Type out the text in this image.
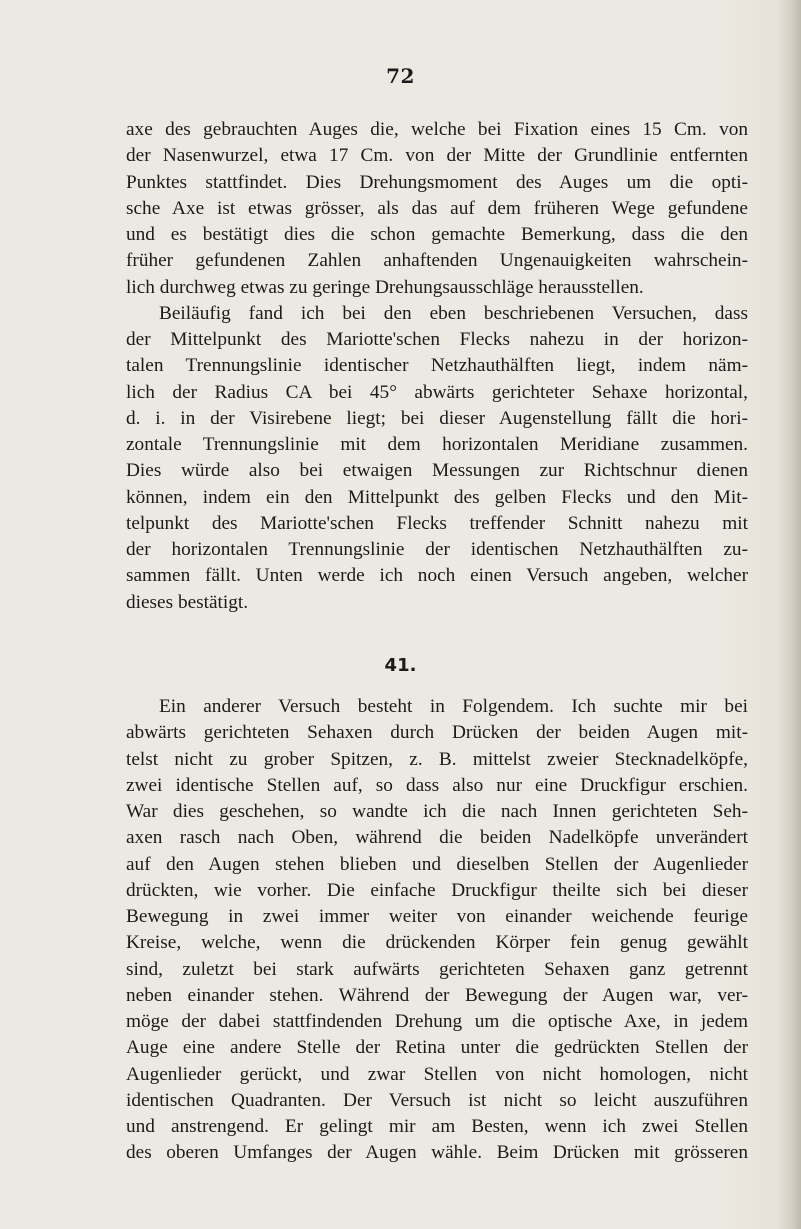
72
axe des gebrauchten Auges die, welche bei Fixation eines 15 Cm. von
der Nasenwurzel, etwa 17 Cm. von der Mitte der Grundlinie entfernten
Punktes stattfindet. Dies Drehungsmoment des Auges um die opti-
sche Axe ist etwas grösser, als das auf dem früheren Wege gefundene
und es bestätigt dies die schon gemachte Bemerkung, dass die den
früher gefundenen Zahlen anhaftenden Ungenauigkeiten wahrschein-
lich durchweg etwas zu geringe Drehungsausschläge herausstellen.
Beiläufig fand ich bei den eben beschriebenen Versuchen, dass
der Mittelpunkt des Mariotte'schen Flecks nahezu in der horizon-
talen Trennungslinie identischer Netzhauthälften liegt, indem näm-
lich der Radius CA bei 45° abwärts gerichteter Sehaxe horizontal,
d. i. in der Visirebene liegt; bei dieser Augenstellung fällt die hori-
zontale Trennungslinie mit dem horizontalen Meridiane zusammen.
Dies würde also bei etwaigen Messungen zur Richtschnur dienen
können, indem ein den Mittelpunkt des gelben Flecks und den Mit-
telpunkt des Mariotte'schen Flecks treffender Schnitt nahezu mit
der horizontalen Trennungslinie der identischen Netzhauthälften zu-
sammen fällt. Unten werde ich noch einen Versuch angeben, welcher
dieses bestätigt.
41.
Ein anderer Versuch besteht in Folgendem. Ich suchte mir bei
abwärts gerichteten Sehaxen durch Drücken der beiden Augen mit-
telst nicht zu grober Spitzen, z. B. mittelst zweier Stecknadelköpfe,
zwei identische Stellen auf, so dass also nur eine Druckfigur erschien.
War dies geschehen, so wandte ich die nach Innen gerichteten Seh-
axen rasch nach Oben, während die beiden Nadelköpfe unverändert
auf den Augen stehen blieben und dieselben Stellen der Augenlieder
drückten, wie vorher. Die einfache Druckfigur theilte sich bei dieser
Bewegung in zwei immer weiter von einander weichende feurige
Kreise, welche, wenn die drückenden Körper fein genug gewählt
sind, zuletzt bei stark aufwärts gerichteten Sehaxen ganz getrennt
neben einander stehen. Während der Bewegung der Augen war, ver-
möge der dabei stattfindenden Drehung um die optische Axe, in jedem
Auge eine andere Stelle der Retina unter die gedrückten Stellen der
Augenlieder gerückt, und zwar Stellen von nicht homologen, nicht
identischen Quadranten. Der Versuch ist nicht so leicht auszuführen
und anstrengend. Er gelingt mir am Besten, wenn ich zwei Stellen
des oberen Umfanges der Augen wähle. Beim Drücken mit grösseren
